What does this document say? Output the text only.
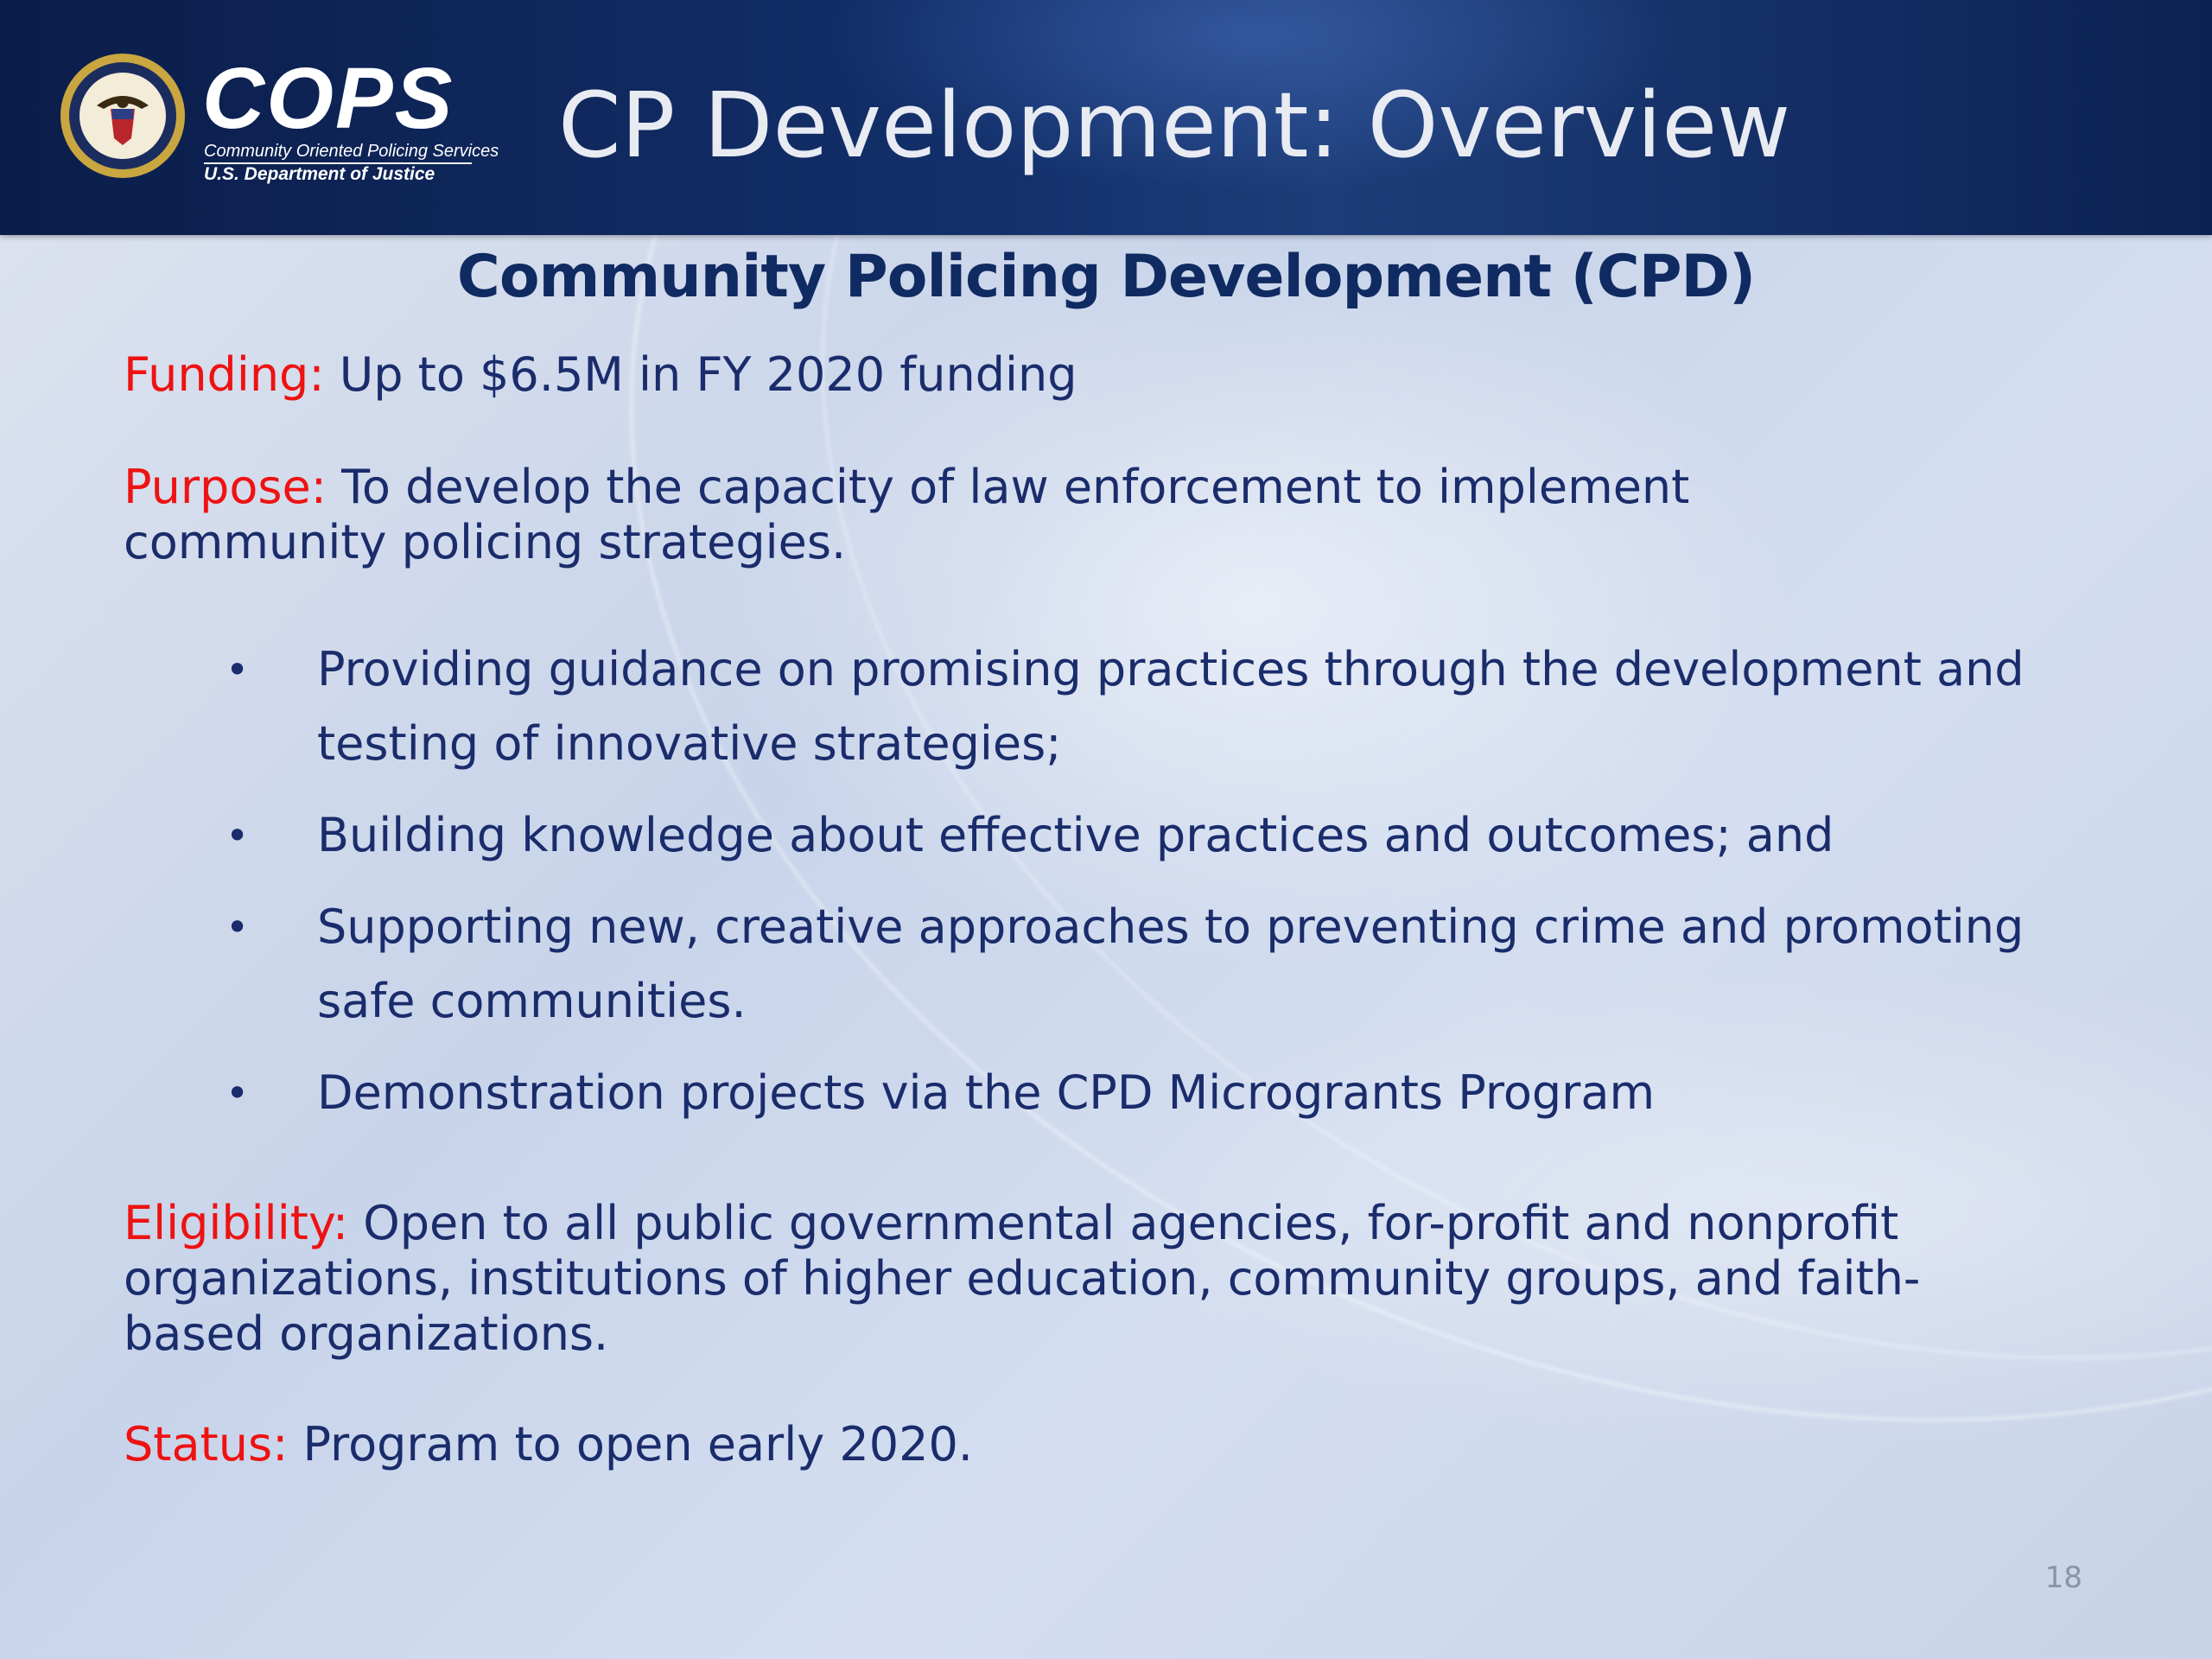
COPS
Community Oriented Policing Services
U.S. Department of Justice CP Development: Overview
Community Policing Development (CPD)
Funding: Up to $6.5M in FY 2020 funding
Purpose: To develop the capacity of law enforcement to implement community policing strategies.
• Providing guidance on promising practices through the development and testing of innovative strategies;
• Building knowledge about effective practices and outcomes; and
• Supporting new, creative approaches to preventing crime and promoting safe communities.
• Demonstration projects via the CPD Microgrants Program
Eligibility: Open to all public governmental agencies, for-profit and nonprofit organizations, institutions of higher education, community groups, and faith-based organizations.
Status: Program to open early 2020.
18
